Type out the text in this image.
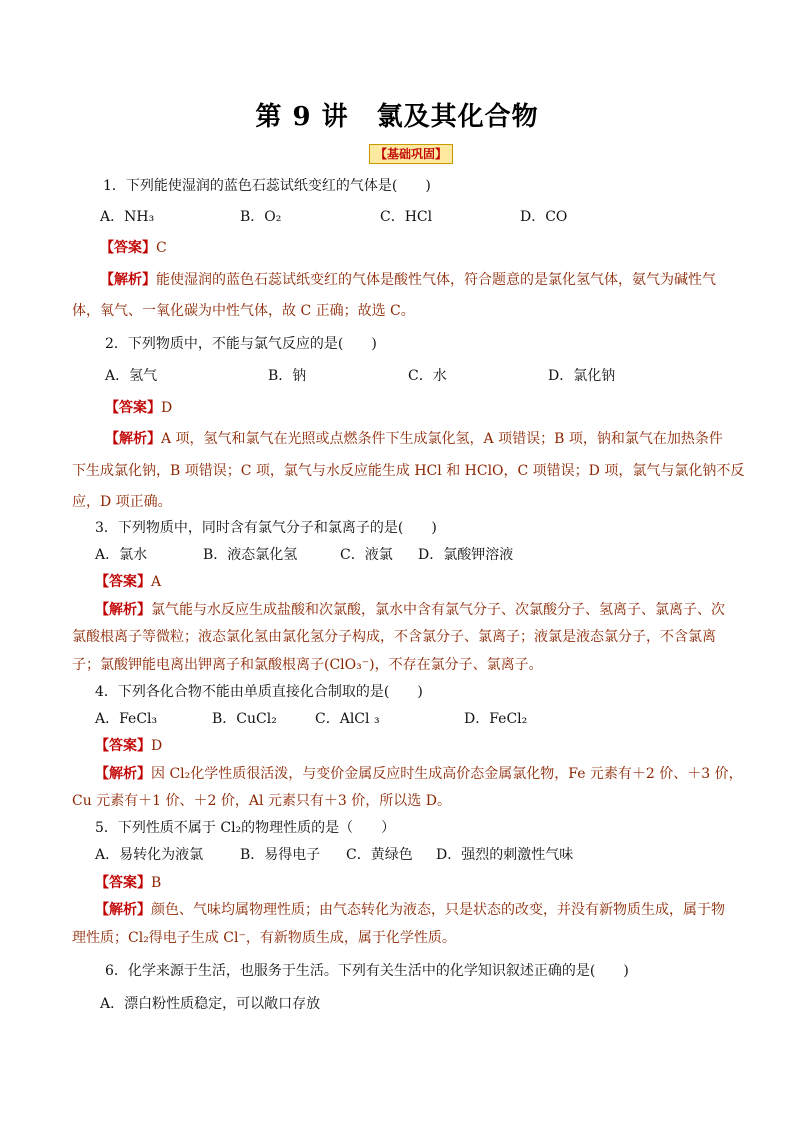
第 9 讲 氯及其化合物
【基础巩固】
1．下列能使湿润的蓝色石蕊试纸变红的气体是(　　)
A．NH₃	B．O₂	C．HCl	D．CO
【答案】C
【解析】能使湿润的蓝色石蕊试纸变红的气体是酸性气体，符合题意的是氯化氢气体，氨气为碱性气
体，氧气、一氧化碳为中性气体，故 C 正确；故选 C。
2．下列物质中，不能与氯气反应的是(　　)
A．氢气	B．钠	C．水	D．氯化钠
【答案】D
【解析】A 项，氢气和氯气在光照或点燃条件下生成氯化氢，A 项错误；B 项，钠和氯气在加热条件
下生成氯化钠，B 项错误；C 项，氯气与水反应能生成 HCl 和 HClO，C 项错误；D 项，氯气与氯化钠不反
应，D 项正确。
3．下列物质中，同时含有氯气分子和氯离子的是(　　)
A．氯水	B．液态氯化氢	C．液氯 D．氯酸钾溶液
【答案】A
【解析】氯气能与水反应生成盐酸和次氯酸，氯水中含有氯气分子、次氯酸分子、氢离子、氯离子、次
氯酸根离子等微粒；液态氯化氢由氯化氢分子构成，不含氯分子、氯离子；液氯是液态氯分子，不含氯离
子；氯酸钾能电离出钾离子和氯酸根离子(ClO₃⁻)，不存在氯分子、氯离子。
4．下列各化合物不能由单质直接化合制取的是(　　)
A．FeCl₃	B．CuCl₂	C．AlCl ₃	D．FeCl₂
【答案】D
【解析】因 Cl₂化学性质很活泼，与变价金属反应时生成高价态金属氯化物，Fe 元素有＋2 价、＋3 价，
Cu 元素有＋1 价、＋2 价，Al 元素只有＋3 价，所以选 D。
5．下列性质不属于 Cl₂的物理性质的是（　　）
A．易转化为液氯	B．易得电子 C．黄绿色 D．强烈的刺激性气味
【答案】B
【解析】颜色、气味均属物理性质；由气态转化为液态，只是状态的改变，并没有新物质生成，属于物
理性质；Cl₂得电子生成 Cl⁻，有新物质生成，属于化学性质。
6．化学来源于生活，也服务于生活。下列有关生活中的化学知识叙述正确的是(　　)
A．漂白粉性质稳定，可以敞口存放
